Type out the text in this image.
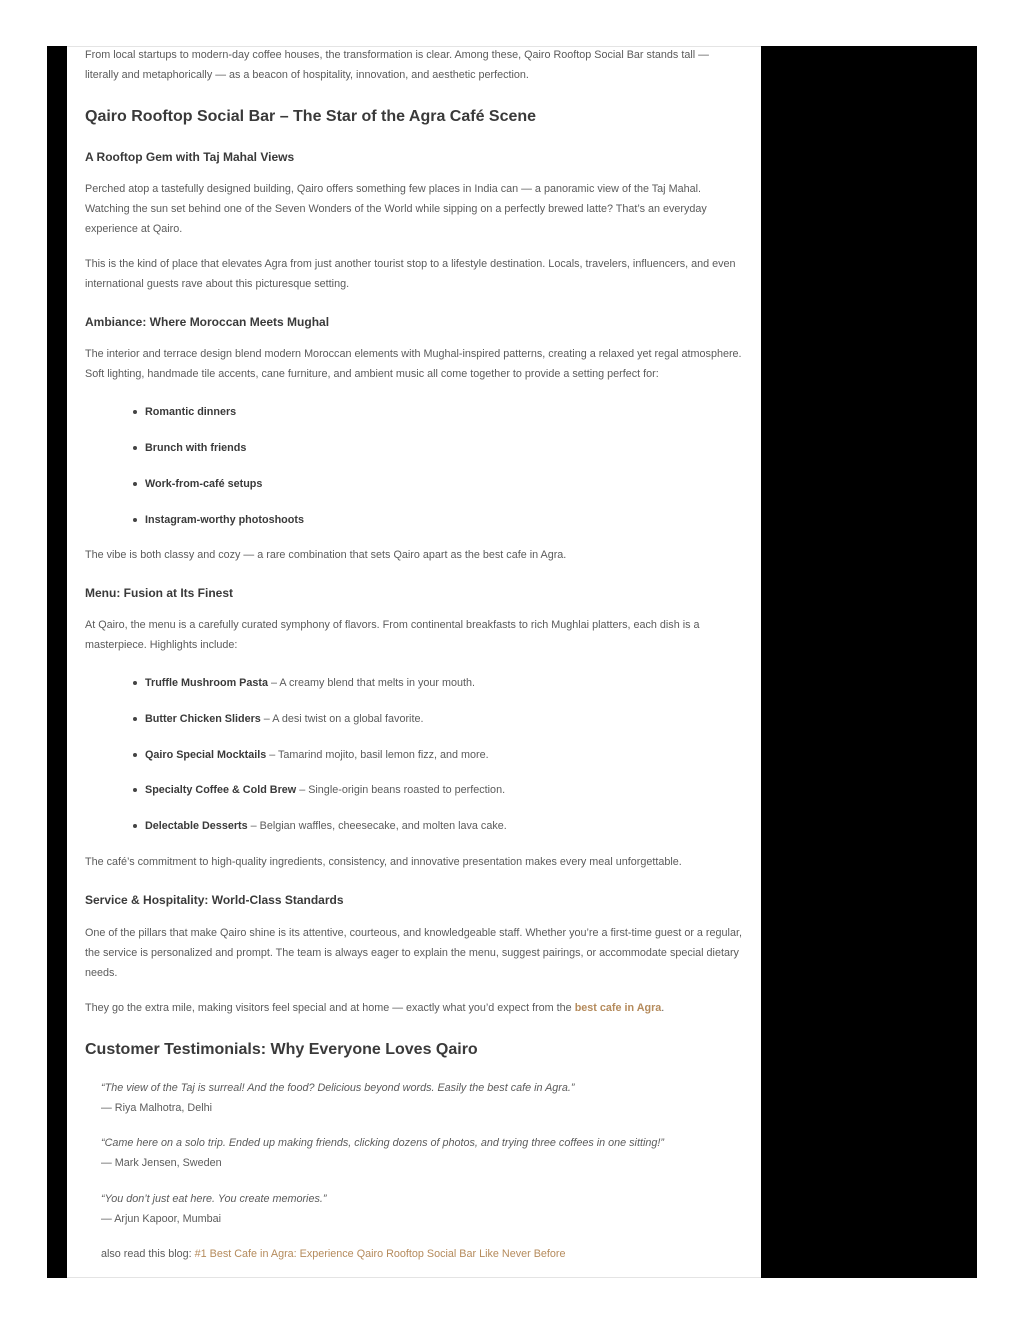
From local startups to modern-day coffee houses, the transformation is clear. Among these, Qairo Rooftop Social Bar stands tall — literally and metaphorically — as a beacon of hospitality, innovation, and aesthetic perfection.

Qairo Rooftop Social Bar – The Star of the Agra Café Scene
A Rooftop Gem with Taj Mahal Views

Perched atop a tastefully designed building, Qairo offers something few places in India can — a panoramic view of the Taj Mahal. Watching the sun set behind one of the Seven Wonders of the World while sipping on a perfectly brewed latte? That’s an everyday experience at Qairo.

This is the kind of place that elevates Agra from just another tourist stop to a lifestyle destination. Locals, travelers, influencers, and even international guests rave about this picturesque setting.

Ambiance: Where Moroccan Meets Mughal

The interior and terrace design blend modern Moroccan elements with Mughal-inspired patterns, creating a relaxed yet regal atmosphere. Soft lighting, handmade tile accents, cane furniture, and ambient music all come together to provide a setting perfect for:

Romantic dinners
Brunch with friends
Work-from-café setups
Instagram-worthy photoshoots

The vibe is both classy and cozy — a rare combination that sets Qairo apart as the best cafe in Agra.

Menu: Fusion at Its Finest

At Qairo, the menu is a carefully curated symphony of flavors. From continental breakfasts to rich Mughlai platters, each dish is a masterpiece. Highlights include:

Truffle Mushroom Pasta – A creamy blend that melts in your mouth.
Butter Chicken Sliders – A desi twist on a global favorite.
Qairo Special Mocktails – Tamarind mojito, basil lemon fizz, and more.
Specialty Coffee & Cold Brew – Single-origin beans roasted to perfection.
Delectable Desserts – Belgian waffles, cheesecake, and molten lava cake.

The café’s commitment to high-quality ingredients, consistency, and innovative presentation makes every meal unforgettable.

Service & Hospitality: World-Class Standards

One of the pillars that make Qairo shine is its attentive, courteous, and knowledgeable staff. Whether you’re a first-time guest or a regular, the service is personalized and prompt. The team is always eager to explain the menu, suggest pairings, or accommodate special dietary needs.

They go the extra mile, making visitors feel special and at home — exactly what you’d expect from the best cafe in Agra.

Customer Testimonials: Why Everyone Loves Qairo

“The view of the Taj is surreal! And the food? Delicious beyond words. Easily the best cafe in Agra.”

— Riya Malhotra, Delhi

“Came here on a solo trip. Ended up making friends, clicking dozens of photos, and trying three coffees in one sitting!”

— Mark Jensen, Sweden

“You don’t just eat here. You create memories.”

— Arjun Kapoor, Mumbai

also read this blog: #1 Best Cafe in Agra: Experience Qairo Rooftop Social Bar Like Never Before
